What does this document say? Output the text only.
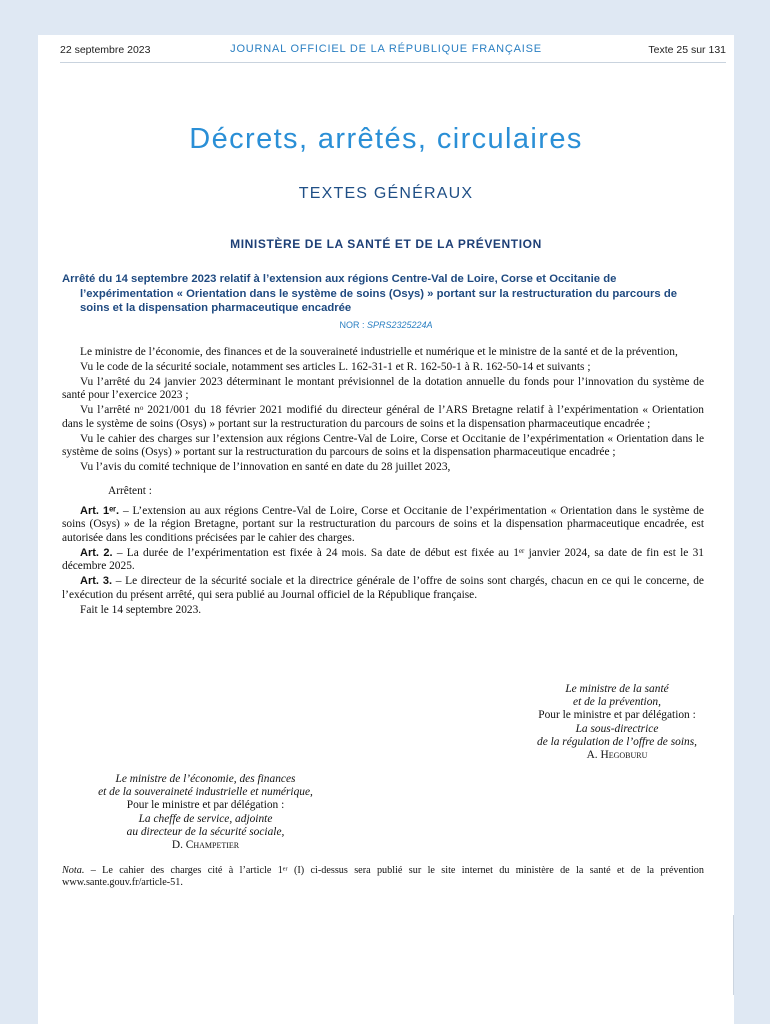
22 septembre 2023	JOURNAL OFFICIEL DE LA RÉPUBLIQUE FRANÇAISE	Texte 25 sur 131
Décrets, arrêtés, circulaires
TEXTES GÉNÉRAUX
MINISTÈRE DE LA SANTÉ ET DE LA PRÉVENTION
Arrêté du 14 septembre 2023 relatif à l’extension aux régions Centre-Val de Loire, Corse et Occitanie de l’expérimentation « Orientation dans le système de soins (Osys) » portant sur la restructuration du parcours de soins et la dispensation pharmaceutique encadrée
NOR : SPRS2325224A

Le ministre de l’économie, des finances et de la souveraineté industrielle et numérique et le ministre de la santé et de la prévention,

Vu le code de la sécurité sociale, notamment ses articles L. 162-31-1 et R. 162-50-1 à R. 162-50-14 et suivants ;

Vu l’arrêté du 24 janvier 2023 déterminant le montant prévisionnel de la dotation annuelle du fonds pour l’innovation du système de santé pour l’exercice 2023 ;

Vu l’arrêté nᵒ 2021/001 du 18 février 2021 modifié du directeur général de l’ARS Bretagne relatif à l’expérimentation « Orientation dans le système de soins (Osys) » portant sur la restructuration du parcours de soins et la dispensation pharmaceutique encadrée ;

Vu le cahier des charges sur l’extension aux régions Centre-Val de Loire, Corse et Occitanie de l’expérimentation « Orientation dans le système de soins (Osys) » portant sur la restructuration du parcours de soins et la dispensation pharmaceutique encadrée ;

Vu l’avis du comité technique de l’innovation en santé en date du 28 juillet 2023,

Arrêtent :

Art. 1ᵉʳ. – L’extension au aux régions Centre-Val de Loire, Corse et Occitanie de l’expérimentation « Orientation dans le système de soins (Osys) » de la région Bretagne, portant sur la restructuration du parcours de soins et la dispensation pharmaceutique encadrée, est autorisée dans les conditions précisées par le cahier des charges.

Art. 2. – La durée de l’expérimentation est fixée à 24 mois. Sa date de début est fixée au 1ᵉʳ janvier 2024, sa date de fin est le 31 décembre 2025.

Art. 3. – Le directeur de la sécurité sociale et la directrice générale de l’offre de soins sont chargés, chacun en ce qui le concerne, de l’exécution du présent arrêté, qui sera publié au Journal officiel de la République française.

Fait le 14 septembre 2023.

Le ministre de la santé
et de la prévention,
Pour le ministre et par délégation :
La sous-directrice
de la régulation de l’offre de soins,
A. Hegoburu
Le ministre de l’économie, des finances
et de la souveraineté industrielle et numérique,
Pour le ministre et par délégation :
La cheffe de service, adjointe
au directeur de la sécurité sociale,
D. Champetier
Nota. – Le cahier des charges cité à l’article 1ᵉʳ (I) ci-dessus sera publié sur le site internet du ministère de la santé et de la prévention www.sante.gouv.fr/article-51.
